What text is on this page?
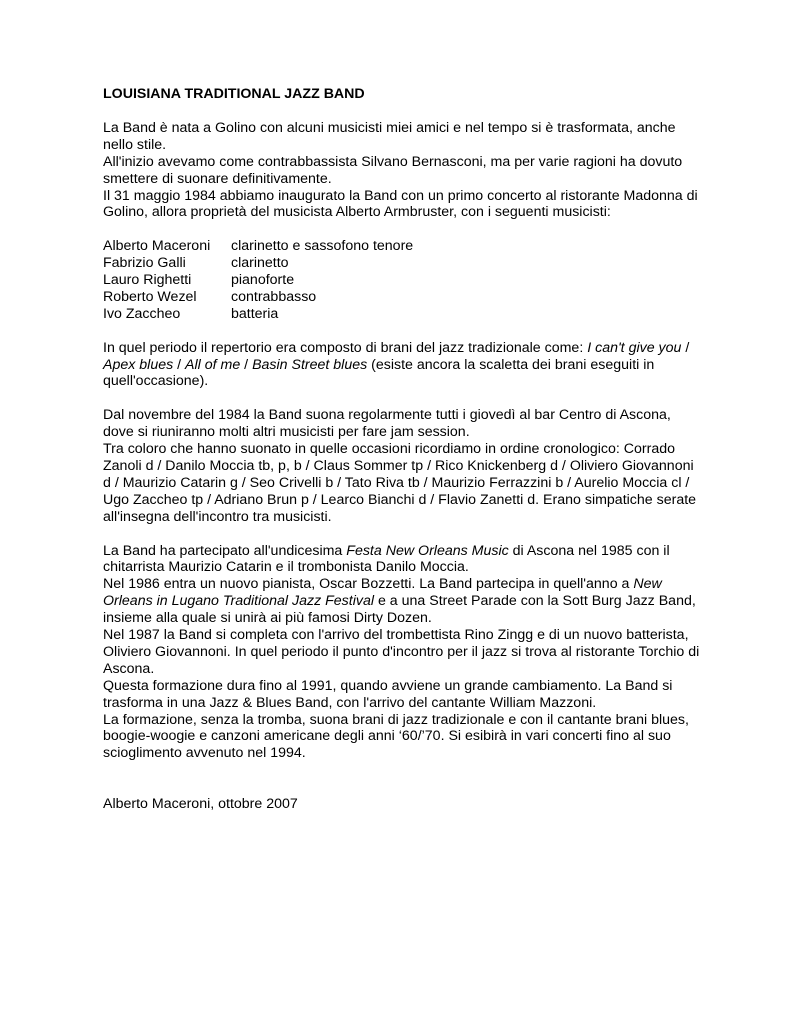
LOUISIANA TRADITIONAL JAZZ BAND

La Band è nata a Golino con alcuni musicisti miei amici e nel tempo si è trasformata, anche nello stile.

All'inizio avevamo come contrabbassista Silvano Bernasconi, ma per varie ragioni ha dovuto smettere di suonare definitivamente.

Il 31 maggio 1984 abbiamo inaugurato la Band con un primo concerto al ristorante Madonna di Golino, allora proprietà del musicista Alberto Armbruster, con i seguenti musicisti:

Alberto Maceroni	clarinetto e sassofono tenore
Fabrizio Galli	clarinetto
Lauro Righetti	pianoforte
Roberto Wezel	contrabbasso
Ivo Zaccheo	batteria

In quel periodo il repertorio era composto di brani del jazz tradizionale come: I can't give you / Apex blues / All of me / Basin Street blues (esiste ancora la scaletta dei brani eseguiti in quell'occasione).

Dal novembre del 1984 la Band suona regolarmente tutti i giovedì al bar Centro di Ascona, dove si riuniranno molti altri musicisti per fare jam session.

Tra coloro che hanno suonato in quelle occasioni ricordiamo in ordine cronologico: Corrado Zanoli d / Danilo Moccia tb, p, b / Claus Sommer tp / Rico Knickenberg d / Oliviero Giovannoni d / Maurizio Catarin g / Seo Crivelli b / Tato Riva tb / Maurizio Ferrazzini b / Aurelio Moccia cl / Ugo Zaccheo tp / Adriano Brun p / Learco Bianchi d / Flavio Zanetti d. Erano simpatiche serate all'insegna dell'incontro tra musicisti.

La Band ha partecipato all'undicesima Festa New Orleans Music di Ascona nel 1985 con il chitarrista Maurizio Catarin e il trombonista Danilo Moccia.

Nel 1986 entra un nuovo pianista, Oscar Bozzetti. La Band partecipa in quell'anno a New Orleans in Lugano Traditional Jazz Festival e a una Street Parade con la Sott Burg Jazz Band, insieme alla quale si unirà ai più famosi Dirty Dozen.

Nel 1987 la Band si completa con l'arrivo del trombettista Rino Zingg e di un nuovo batterista, Oliviero Giovannoni. In quel periodo il punto d'incontro per il jazz si trova al ristorante Torchio di Ascona.

Questa formazione dura fino al 1991, quando avviene un grande cambiamento. La Band si trasforma in una Jazz & Blues Band, con l'arrivo del cantante William Mazzoni.

La formazione, senza la tromba, suona brani di jazz tradizionale e con il cantante brani blues, boogie-woogie e canzoni americane degli anni ‘60/’70. Si esibirà in vari concerti fino al suo scioglimento avvenuto nel 1994.

Alberto Maceroni, ottobre 2007
